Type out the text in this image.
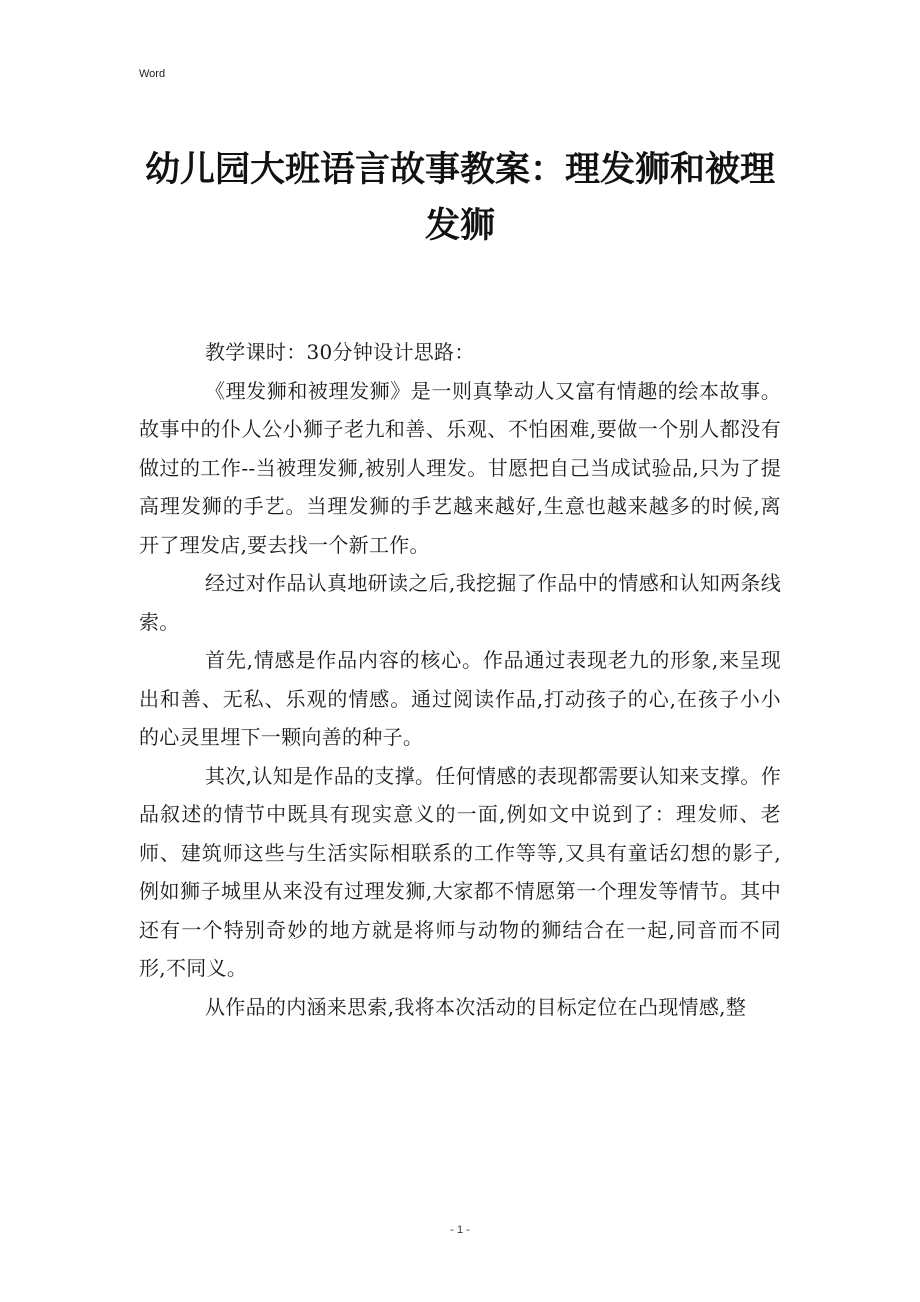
Word
幼儿园大班语言故事教案：理发狮和被理发狮

教学课时：30分钟设计思路：

《理发狮和被理发狮》是一则真挚动人又富有情趣的绘本故事。故事中的仆人公小狮子老九和善、乐观、不怕困难,要做一个别人都没有做过的工作--当被理发狮,被别人理发。甘愿把自己当成试验品,只为了提高理发狮的手艺。当理发狮的手艺越来越好,生意也越来越多的时候,离开了理发店,要去找一个新工作。

经过对作品认真地研读之后,我挖掘了作品中的情感和认知两条线索。

首先,情感是作品内容的核心。作品通过表现老九的形象,来呈现出和善、无私、乐观的情感。通过阅读作品,打动孩子的心,在孩子小小的心灵里埋下一颗向善的种子。

其次,认知是作品的支撑。任何情感的表现都需要认知来支撑。作品叙述的情节中既具有现实意义的一面,例如文中说到了：理发师、老师、建筑师这些与生活实际相联系的工作等等,又具有童话幻想的影子,例如狮子城里从来没有过理发狮,大家都不情愿第一个理发等情节。其中还有一个特别奇妙的地方就是将师与动物的狮结合在一起,同音而不同形,不同义。

从作品的内涵来思索,我将本次活动的目标定位在凸现情感,整

- 1 -
